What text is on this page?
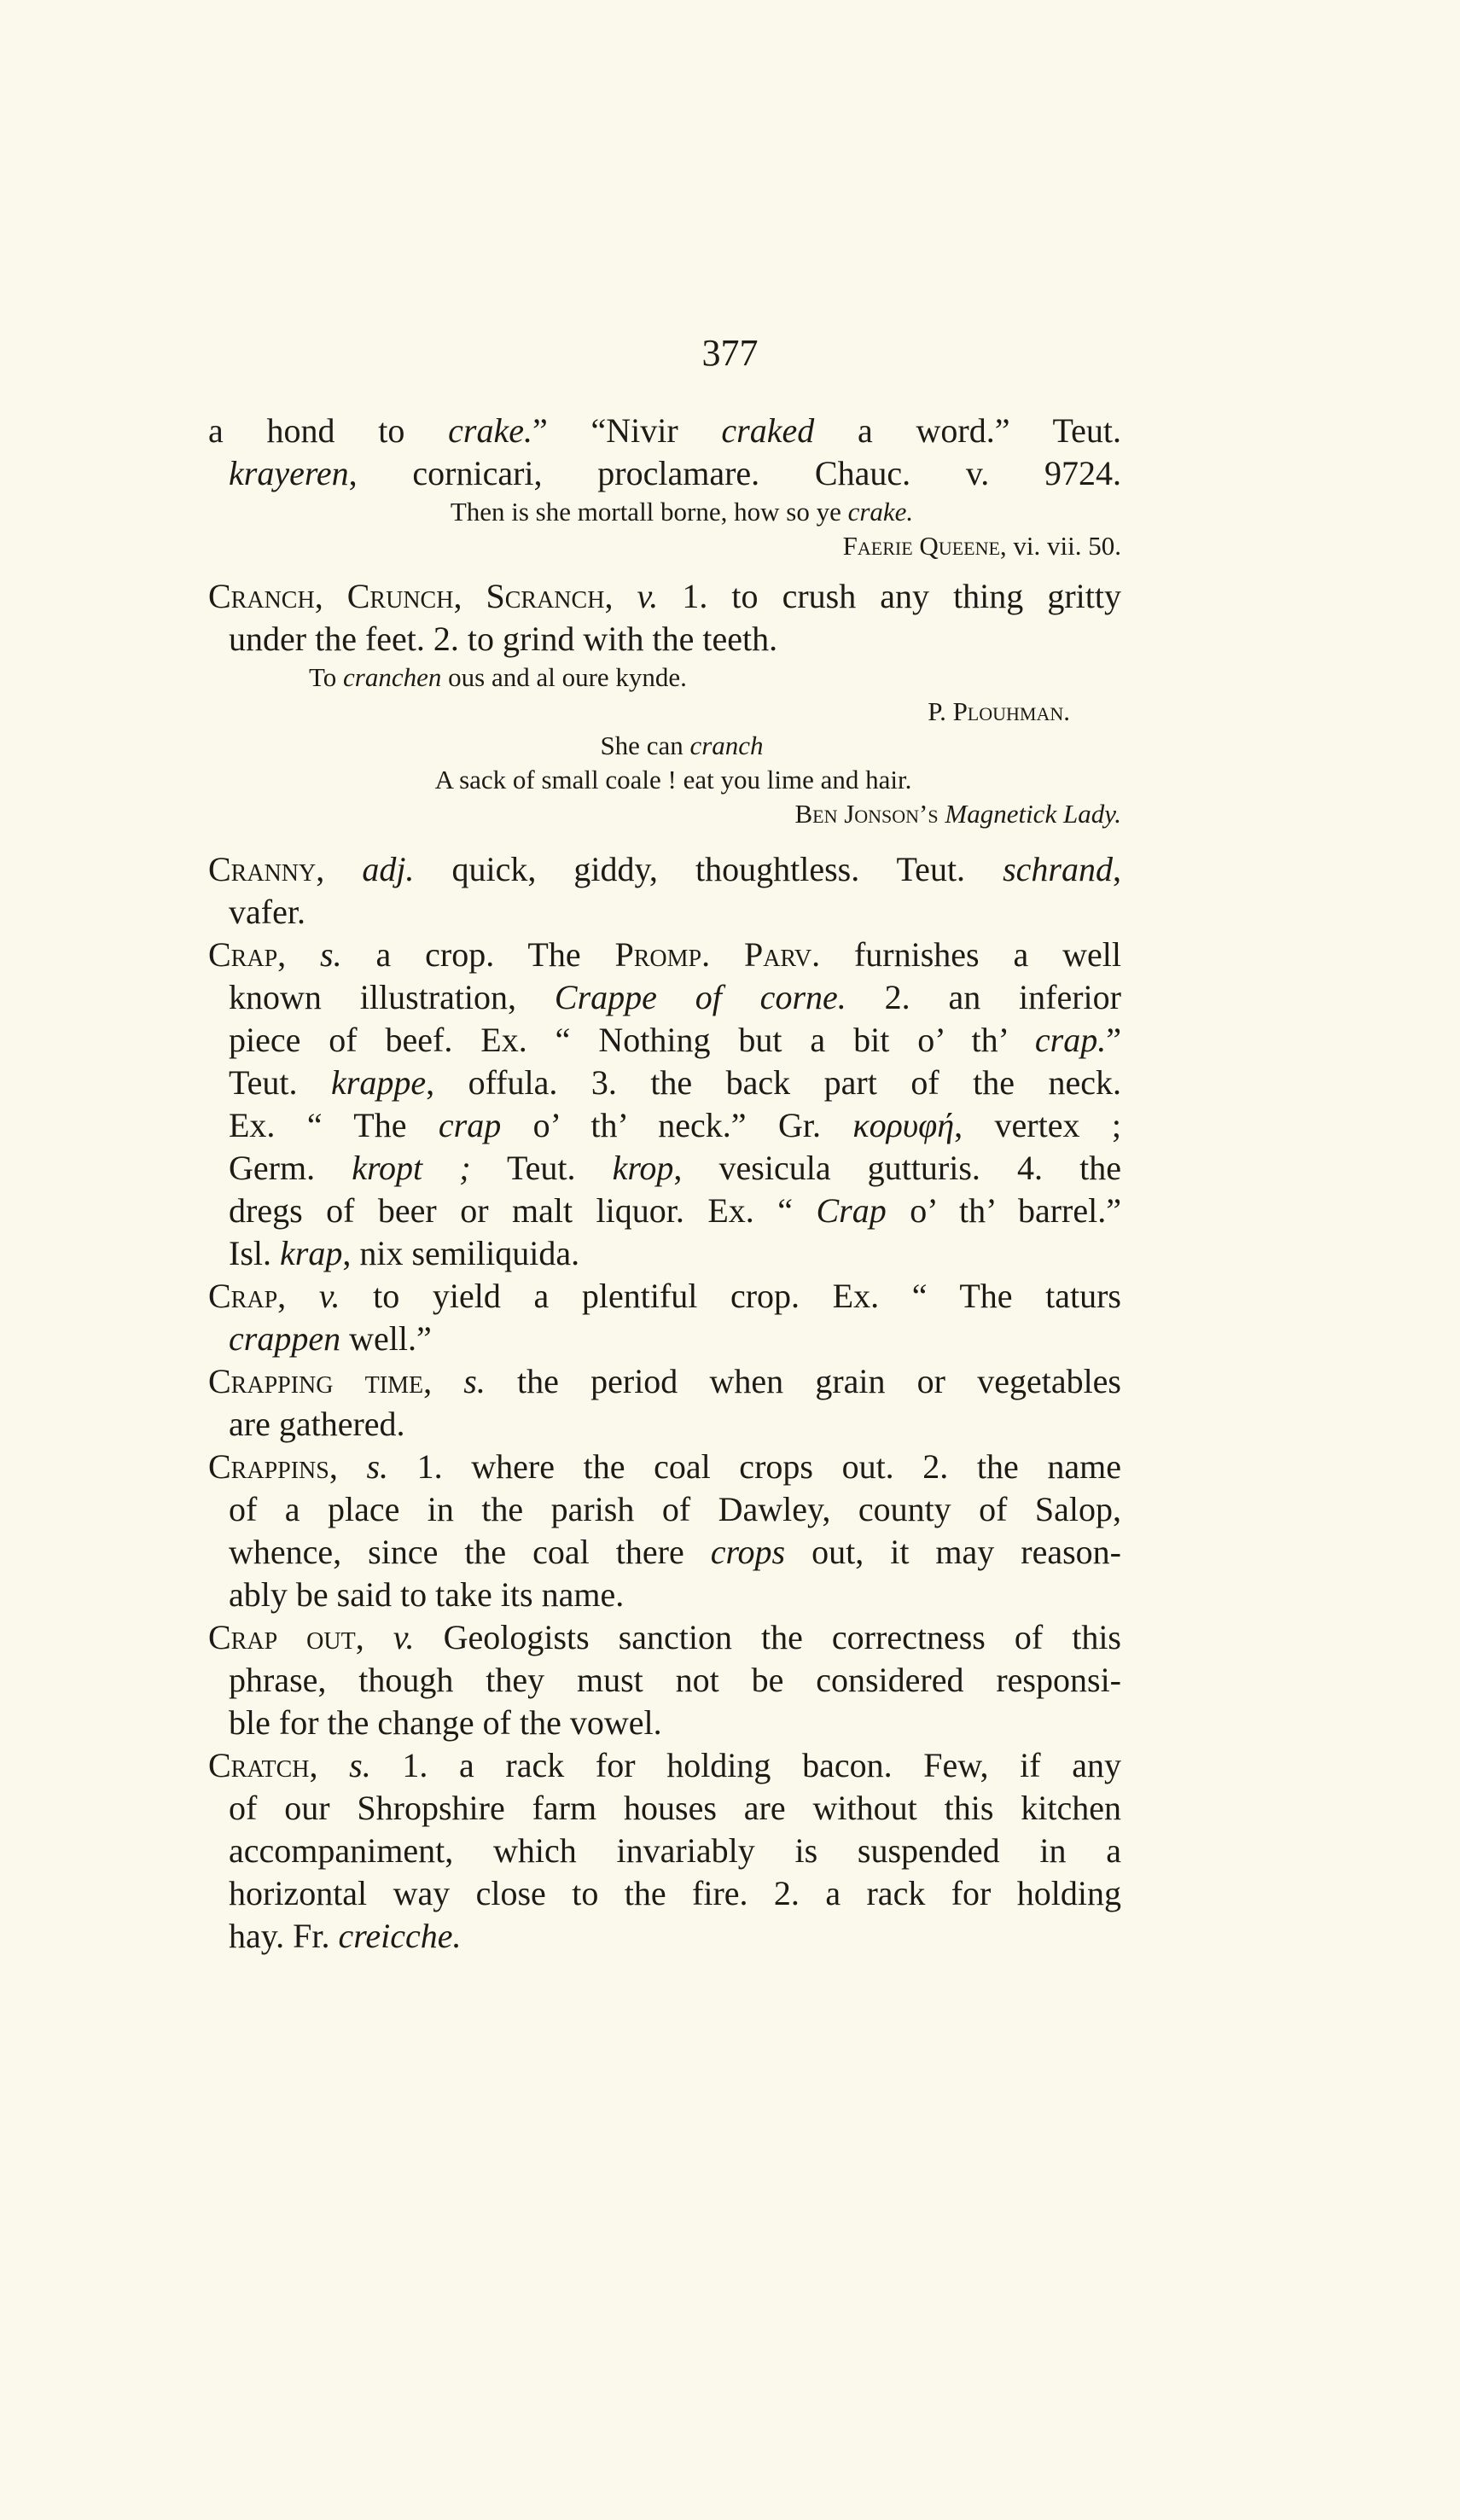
377
a hond to crake.” “Nivir craked a word.” Teut.
krayeren, cornicari, proclamare. Chauc. v. 9724.
Then is she mortall borne, how so ye crake.
Faerie Queene, vi. vii. 50.
Cranch, Crunch, Scranch, v. 1. to crush any thing gritty
under the feet. 2. to grind with the teeth.
To cranchen ous and al oure kynde.
P. Plouhman.
She can cranch
A sack of small coale ! eat you lime and hair.
Ben Jonson’s Magnetick Lady.
Cranny, adj. quick, giddy, thoughtless. Teut. schrand,
vafer.
Crap, s. a crop. The Promp. Parv. furnishes a well
known illustration, Crappe of corne. 2. an inferior
piece of beef. Ex. “ Nothing but a bit o’ th’ crap.”
Teut. krappe, offula. 3. the back part of the neck.
Ex. “ The crap o’ th’ neck.” Gr. κορυφή, vertex ;
Germ. kropt ; Teut. krop, vesicula gutturis. 4. the
dregs of beer or malt liquor. Ex. “ Crap o’ th’ barrel.”
Isl. krap, nix semiliquida.
Crap, v. to yield a plentiful crop. Ex. “ The taturs
crappen well.”
Crapping time, s. the period when grain or vegetables
are gathered.
Crappins, s. 1. where the coal crops out. 2. the name
of a place in the parish of Dawley, county of Salop,
whence, since the coal there crops out, it may reason-
ably be said to take its name.
Crap out, v. Geologists sanction the correctness of this
phrase, though they must not be considered responsi-
ble for the change of the vowel.
Cratch, s. 1. a rack for holding bacon. Few, if any
of our Shropshire farm houses are without this kitchen
accompaniment, which invariably is suspended in a
horizontal way close to the fire. 2. a rack for holding
hay. Fr. creicche.
